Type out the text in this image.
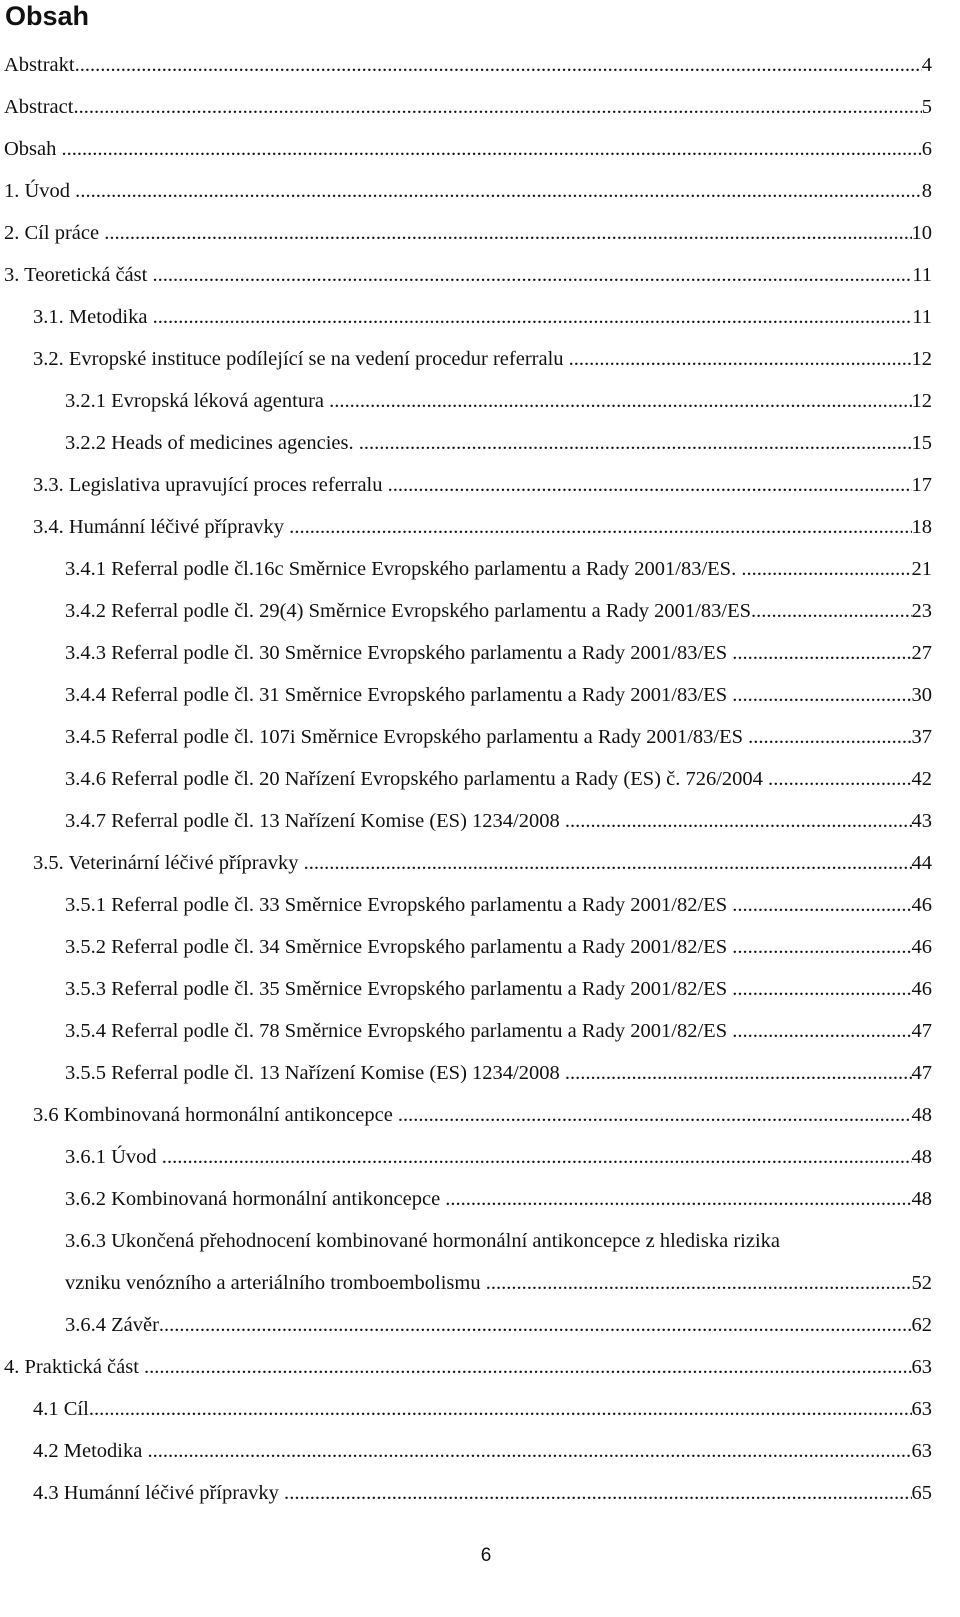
Obsah
Abstrakt .....	4
Abstract .....	5
Obsah . .....	6
1. Úvod . .....	8
2. Cíl práce . .....	10
3. Teoretická část . .....	11
3.1. Metodika . .....	11
3.2. Evropské instituce podílející se na vedení procedur referralu . .....	12
3.2.1 Evropská léková agentura . .....	12
3.2.2 Heads of medicines agencies. . .....	15
3.3. Legislativa upravující proces referralu . .....	17
3.4. Humánní léčivé přípravky . .....	18
3.4.1 Referral podle čl.16c Směrnice Evropského parlamentu a Rady 2001/83/ES. . .....	21
3.4.2 Referral podle čl. 29(4) Směrnice Evropského parlamentu a Rady 2001/83/ES .....	23
3.4.3 Referral podle čl. 30 Směrnice Evropského parlamentu a Rady 2001/83/ES . .....	27
3.4.4 Referral podle čl. 31 Směrnice Evropského parlamentu a Rady 2001/83/ES . .....	30
3.4.5 Referral podle čl. 107i Směrnice Evropského parlamentu a Rady 2001/83/ES . .....	37
3.4.6 Referral podle čl. 20 Nařízení Evropského parlamentu a Rady (ES) č. 726/2004 . .....	42
3.4.7 Referral podle čl. 13 Nařízení Komise (ES) 1234/2008 . .....	43
3.5. Veterinární léčivé přípravky . .....	44
3.5.1 Referral podle čl. 33 Směrnice Evropského parlamentu a Rady 2001/82/ES . .....	46
3.5.2 Referral podle čl. 34 Směrnice Evropského parlamentu a Rady 2001/82/ES . .....	46
3.5.3 Referral podle čl. 35 Směrnice Evropského parlamentu a Rady 2001/82/ES . .....	46
3.5.4 Referral podle čl. 78 Směrnice Evropského parlamentu a Rady 2001/82/ES . .....	47
3.5.5 Referral podle čl. 13 Nařízení Komise (ES) 1234/2008 . .....	47
3.6 Kombinovaná hormonální antikoncepce . .....	48
3.6.1 Úvod . .....	48
3.6.2 Kombinovaná hormonální antikoncepce . .....	48
3.6.3 Ukončená přehodnocení kombinované hormonální antikoncepce z hlediska rizika
vzniku venózního a arteriálního tromboembolismu . .....	52
3.6.4 Závěr .....	62
4. Praktická část . .....	63
4.1 Cíl .....	63
4.2 Metodika . .....	63
4.3 Humánní léčivé přípravky . .....	65
6
